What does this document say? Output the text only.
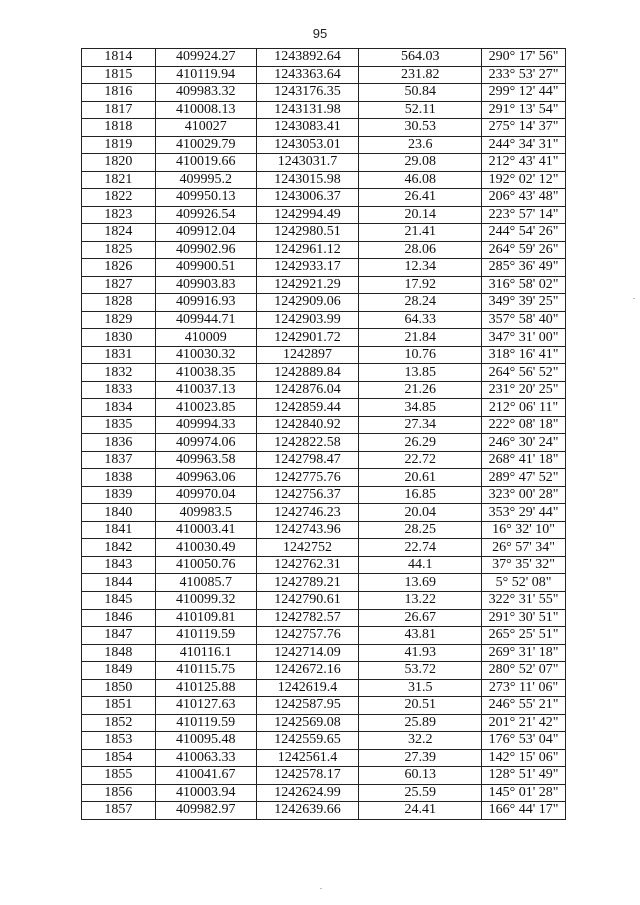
95
1814	409924.27	1243892.64	564.03	290° 17' 56"
1815	410119.94	1243363.64	231.82	233° 53' 27"
1816	409983.32	1243176.35	50.84	299° 12' 44"
1817	410008.13	1243131.98	52.11	291° 13' 54"
1818	410027	1243083.41	30.53	275° 14' 37"
1819	410029.79	1243053.01	23.6	244° 34' 31"
1820	410019.66	1243031.7	29.08	212° 43' 41"
1821	409995.2	1243015.98	46.08	192° 02' 12"
1822	409950.13	1243006.37	26.41	206° 43' 48"
1823	409926.54	1242994.49	20.14	223° 57' 14"
1824	409912.04	1242980.51	21.41	244° 54' 26"
1825	409902.96	1242961.12	28.06	264° 59' 26"
1826	409900.51	1242933.17	12.34	285° 36' 49"
1827	409903.83	1242921.29	17.92	316° 58' 02"
1828	409916.93	1242909.06	28.24	349° 39' 25"
1829	409944.71	1242903.99	64.33	357° 58' 40"
1830	410009	1242901.72	21.84	347° 31' 00"
1831	410030.32	1242897	10.76	318° 16' 41"
1832	410038.35	1242889.84	13.85	264° 56' 52"
1833	410037.13	1242876.04	21.26	231° 20' 25"
1834	410023.85	1242859.44	34.85	212° 06' 11"
1835	409994.33	1242840.92	27.34	222° 08' 18"
1836	409974.06	1242822.58	26.29	246° 30' 24"
1837	409963.58	1242798.47	22.72	268° 41' 18"
1838	409963.06	1242775.76	20.61	289° 47' 52"
1839	409970.04	1242756.37	16.85	323° 00' 28"
1840	409983.5	1242746.23	20.04	353° 29' 44"
1841	410003.41	1242743.96	28.25	16° 32' 10"
1842	410030.49	1242752	22.74	26° 57' 34"
1843	410050.76	1242762.31	44.1	37° 35' 32"
1844	410085.7	1242789.21	13.69	5° 52' 08"
1845	410099.32	1242790.61	13.22	322° 31' 55"
1846	410109.81	1242782.57	26.67	291° 30' 51"
1847	410119.59	1242757.76	43.81	265° 25' 51"
1848	410116.1	1242714.09	41.93	269° 31' 18"
1849	410115.75	1242672.16	53.72	280° 52' 07"
1850	410125.88	1242619.4	31.5	273° 11' 06"
1851	410127.63	1242587.95	20.51	246° 55' 21"
1852	410119.59	1242569.08	25.89	201° 21' 42"
1853	410095.48	1242559.65	32.2	176° 53' 04"
1854	410063.33	1242561.4	27.39	142° 15' 06"
1855	410041.67	1242578.17	60.13	128° 51' 49"
1856	410003.94	1242624.99	25.59	145° 01' 28"
1857	409982.97	1242639.66	24.41	166° 44' 17"
